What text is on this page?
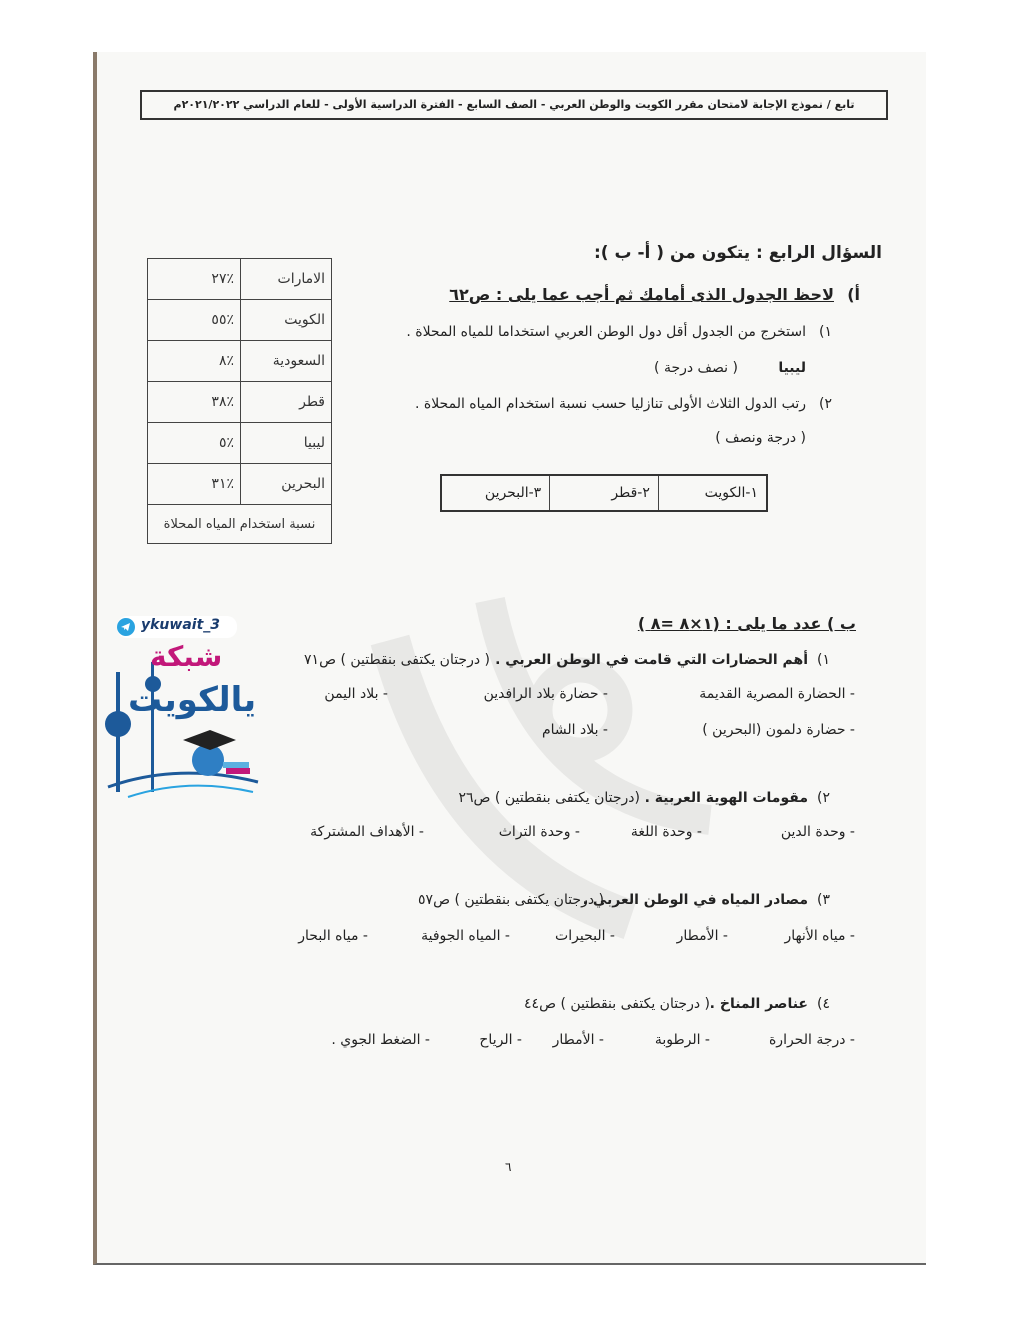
تابع / نموذج الإجابة لامتحان مقرر الكويت والوطن العربي - الصف السابع - الفترة الدراسية الأولى - للعام الدراسي ٢٠٢١/٢٠٢٢م
السؤال الرابع : يتكون من ( أ- ب ):
أ)
لاحظ الجدول الذى أمامك ثم أجب عما يلى : ص٦٢
١)
استخرج من الجدول أقل دول الوطن العربي استخداما للمياه المحلاة .
ليبيا
( نصف درجة )
٢)
رتب الدول الثلاث الأولى تنازليا حسب نسبة استخدام المياه المحلاة .
( درجة ونصف )
١-الكويت	٢-قطر	٣-البحرين
الامارات	٪٢٧
الكويت	٪٥٥
السعودية	٪٨
قطر	٪٣٨
ليبيا	٪٥
البحرين	٪٣١
نسبة استخدام المياه المحلاة	
ب ) عدد ما يلى : (١×٨ =٨ )
١)
أهم الحضارات التي قامت في الوطن العربي .
( درجتان يكتفى بنقطتين ) ص٧١
- الحضارة المصرية القديمة
- حضارة بلاد الرافدين
- بلاد اليمن
- حضارة دلمون (البحرين )
- بلاد الشام
٢)
مقومات الهوية العربية .
(درجتان يكتفى بنقطتين ) ص٢٦
- وحدة الدين
- وحدة اللغة
- وحدة التراث
- الأهداف المشتركة
٣)
مصادر المياه في الوطن العربي .
( درجتان يكتفى بنقطتين ) ص٥٧
- مياه الأنهار
- الأمطار
- البحيرات
- المياه الجوفية
- مياه البحار
٤)
عناصر المناخ .
( درجتان يكتفى بنقطتين ) ص٤٤
- درجة الحرارة
- الرطوبة
- الأمطار
- الرياح
- الضغط الجوي .
ykuwait_3
شبكة
يالكويت
٦
